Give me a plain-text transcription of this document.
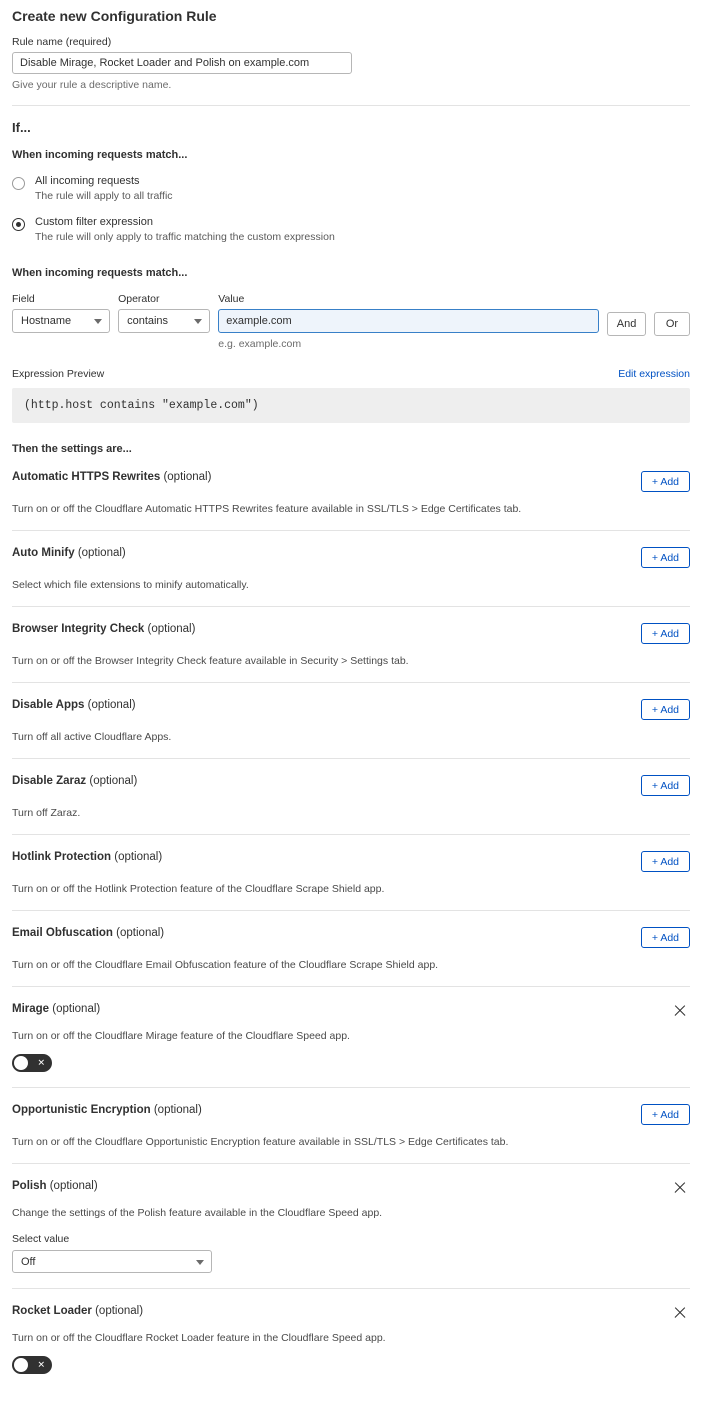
Create new Configuration Rule
Rule name (required)
Disable Mirage, Rocket Loader and Polish on example.com
Give your rule a descriptive name.
If...
When incoming requests match...
All incoming requests
The rule will apply to all traffic
Custom filter expression
The rule will only apply to traffic matching the custom expression
When incoming requests match...
Field
Hostname
Operator
contains
Value
example.com
e.g. example.com
And	Or
Expression Preview	Edit expression
(http.host contains "example.com")
Then the settings are...
Automatic HTTPS Rewrites (optional)	+ Add
Turn on or off the Cloudflare Automatic HTTPS Rewrites feature available in SSL/TLS > Edge Certificates tab.
Auto Minify (optional)	+ Add
Select which file extensions to minify automatically.
Browser Integrity Check (optional)	+ Add
Turn on or off the Browser Integrity Check feature available in Security > Settings tab.
Disable Apps (optional)	+ Add
Turn off all active Cloudflare Apps.
Disable Zaraz (optional)	+ Add
Turn off Zaraz.
Hotlink Protection (optional)	+ Add
Turn on or off the Hotlink Protection feature of the Cloudflare Scrape Shield app.
Email Obfuscation (optional)	+ Add
Turn on or off the Cloudflare Email Obfuscation feature of the Cloudflare Scrape Shield app.
Mirage (optional)
Turn on or off the Cloudflare Mirage feature of the Cloudflare Speed app.
✕
Opportunistic Encryption (optional)	+ Add
Turn on or off the Cloudflare Opportunistic Encryption feature available in SSL/TLS > Edge Certificates tab.
Polish (optional)
Change the settings of the Polish feature available in the Cloudflare Speed app.
Select value
Off
Rocket Loader (optional)
Turn on or off the Cloudflare Rocket Loader feature in the Cloudflare Speed app.
✕
